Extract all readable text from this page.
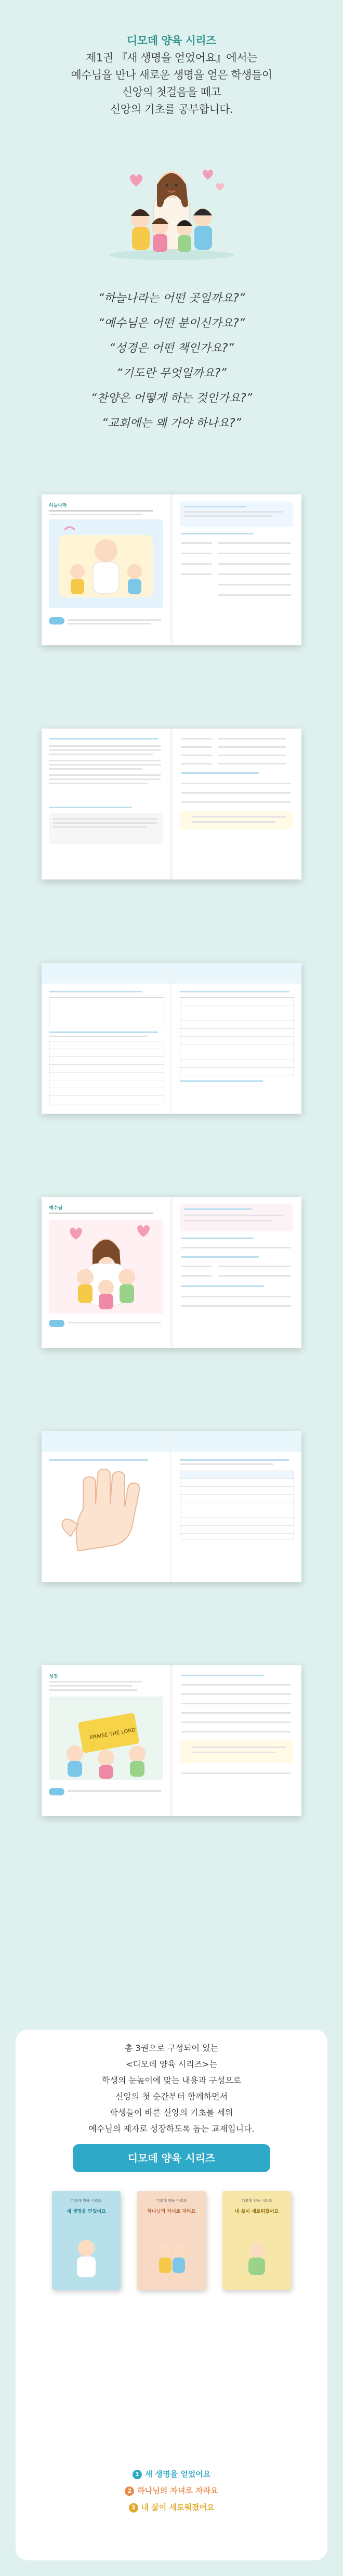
디모데 양육 시리즈
제1권 『새 생명을 얻었어요』에서는
예수님을 만나 새로운 생명을 얻은 학생들이
신앙의 첫걸음을 떼고
신앙의 기초를 공부합니다.
“하늘나라는 어떤 곳일까요?”
“예수님은 어떤 분이신가요?”
“성경은 어떤 책인가요?”
“기도란 무엇일까요?”
“찬양은 어떻게 하는 것인가요?”
“교회에는 왜 가야 하나요?”
하늘나라
예수님
성경
PRAISE THE LORD
총 3권으로 구성되어 있는
<디모데 양육 시리즈>는
학생의 눈높이에 맞는 내용과 구성으로
신앙의 첫 순간부터 함께하면서
학생들이 바른 신앙의 기초를 세워
예수님의 제자로 성장하도록 돕는 교재입니다.
디모데 양육 시리즈
디모데 양육 시리즈
새 생명을 얻었어요
디모데 양육 시리즈
하나님의 자녀로 자라요
디모데 양육 시리즈
내 삶이 새로워졌어요
1 새 생명을 얻었어요
2 하나님의 자녀로 자라요
3 내 삶이 새로워졌어요
